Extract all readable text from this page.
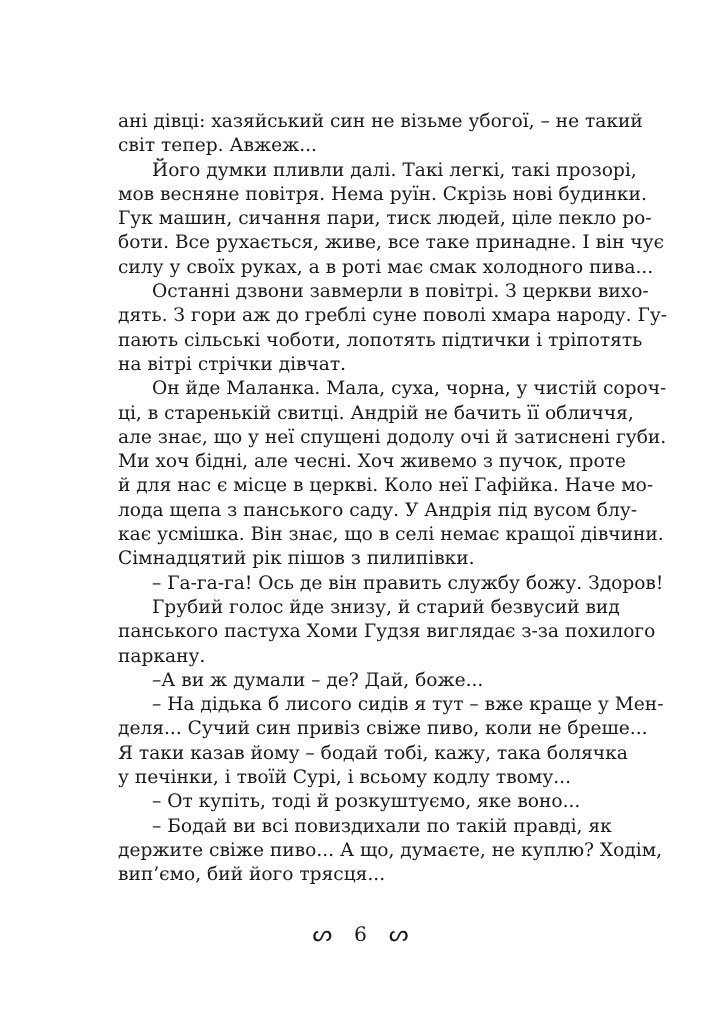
ані дівці: хазяйський син не візьме убогої, – не такий
світ тепер. Авжеж...
Його думки пливли далі. Такі легкі, такі прозорі,
мов весняне повітря. Нема руїн. Скрізь нові будинки.
Гук машин, сичання пари, тиск людей, ціле пекло ро-
боти. Все рухається, живе, все таке принадне. І він чує
силу у своїх руках, а в роті має смак холодного пива...
Останні дзвони завмерли в повітрі. З церкви вихо-
дять. З гори аж до греблі суне поволі хмара народу. Гу-
пають сільські чоботи, лопотять підтички і тріпотять
на вітрі стрічки дівчат.
Он йде Маланка. Мала, суха, чорна, у чистій сороч-
ці, в старенькій свитці. Андрій не бачить її обличчя,
але знає, що у неї спущені додолу очі й затиснені губи.
Ми хоч бідні, але чесні. Хоч живемо з пучок, проте
й для нас є місце в церкві. Коло неї Гафійка. Наче мо-
лода щепа з панського саду. У Андрія під вусом блу-
кає усмішка. Він знає, що в селі немає кращої дівчини.
Сімнадцятий рік пішов з пилипівки.
– Га-га-га! Ось де він править службу божу. Здоров!
Грубий голос йде знизу, й старий безвусий вид
панського пастуха Хоми Гудзя виглядає з-за похилого
паркану.
–А ви ж думали – де? Дай, боже...
– На дідька б лисого сидів я тут – вже краще у Мен-
деля... Сучий син привіз свіже пиво, коли не бреше...
Я таки казав йому – бодай тобі, кажу, така болячка
у печінки, і твоїй Сурі, і всьому кодлу твому...
– От купіть, тоді й розкуштуємо, яке воно...
– Бодай ви всі повиздихали по такій правді, як
держите свіже пиво... А що, думаєте, не куплю? Ходім,
вип’ємо, бий його трясця...
ᔕ 6 ᔕ
